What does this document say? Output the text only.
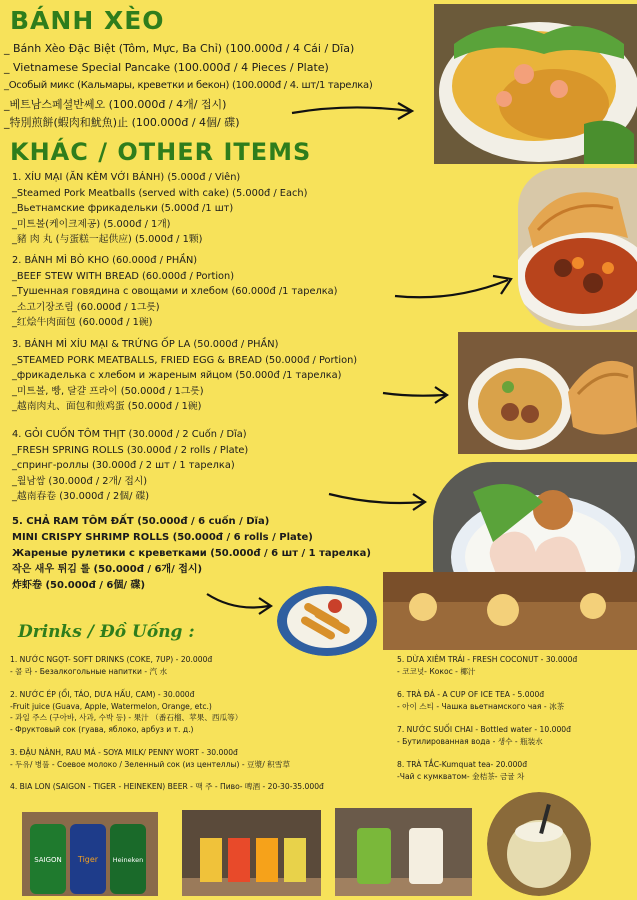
BÁNH XÈO
KHÁC / OTHER ITEMS
Drinks / Đồ Uống :
_ Bánh Xèo Đặc Biệt (Tôm, Mực, Ba Chỉ) (100.000đ / 4 Cái / Dĩa)
_ Vietnamese Special Pancake (100.000đ / 4 Pieces / Plate)
_Особый микс (Кальмары, креветки и бекон) (100.000đ / 4. шт/1 тарелка)
_베트남스페셜반쎄오 (100.000đ / 4개/ 접시)
_特別煎餅(蝦肉和魷魚)止 (100.000đ / 4個/ 碟)
1. XÍU MẠI (ĂN KÈM VỚI BÁNH) (5.000đ / Viên)
_Steamed Pork Meatballs (served with cake) (5.000đ / Each)
_Вьетнамские фрикадельки (5.000đ /1 шт)
_미트볼(케이크제공) (5.000đ / 1개)
_豬 肉 丸 (与蛋糕一起供应) (5.000đ / 1颗)
2. BÁNH MÌ BÒ KHO (60.000đ / PHẦN)
_BEEF STEW WITH BREAD (60.000đ / Portion)
_Тушенная говядина с овощами и хлебом (60.000đ /1 тарелка)
_소고기장조림 (60.000đ / 1그릇)
_红烩牛肉面包 (60.000đ / 1碗)
3. BÁNH MÌ XÍU MẠI & TRỨNG ỐP LA (50.000đ / PHẦN)
_STEAMED PORK MEATBALLS, FRIED EGG & BREAD (50.000đ / Portion)
_фрикаделька с хлебом и жареным яйцом (50.000đ /1 тарелка)
_미트볼, 빵, 달걀 프라이 (50.000đ / 1그릇)
_越南肉丸、面包和煎鸡蛋 (50.000đ / 1碗)
4. GỎI CUỐN TÔM THỊT (30.000đ / 2 Cuốn / Dĩa)
_FRESH SPRING ROLLS (30.000đ / 2 rolls / Plate)
_спринг-роллы (30.000đ / 2 шт / 1 тарелка)
_월남쌈 (30.000đ / 2개/ 접시)
_越南春卷 (30.000đ / 2個/ 碟)
5. CHẢ RAM TÔM ĐẤT (50.000đ / 6 cuốn / Dĩa)
MINI CRISPY SHRIMP ROLLS (50.000đ / 6 rolls / Plate)
Жареные рулетики с креветками (50.000đ / 6 шт / 1 тарелка)
작은 새우 튀김 롤 (50.000đ / 6개/ 접시)
炸虾卷 (50.000đ / 6個/ 碟)
1. NƯỚC NGỌT- SOFT DRINKS (COKE, 7UP) - 20.000đ
- 콜 라 - Безалкогольные напитки - 汽 水
2. NƯỚC ÉP (ỔI, TÁO, DƯA HẤU, CAM) - 30.000đ
-Fruit juice (Guava, Apple, Watermelon, Orange, etc.)
- 과일 주스 (구아바, 사과, 수박 등) - 果汁 （番石榴、苹果、西瓜等）
- Фруктовый сок (гуава, яблоко, арбуз и т. д.)
3. ĐẬU NÀNH, RAU MÁ - SOYA MILK/ PENNY WORT - 30.000đ
- 두유/ 병풀 - Соевое молоко / Зеленный сок (из центеллы) - 豆漿/ 积雪草
4. BIA LON (SAIGON - TIGER - HEINEKEN) BEER - 맥 주 - Пиво- 啤酒 - 20-30-35.000đ
5. DỪA XIÊM TRÁI - FRESH COCONUT - 30.000đ
- 코코넛- Кокос - 椰汁
6. TRÀ ĐÁ - A CUP OF ICE TEA - 5.000đ
- 아이 스티 - Чашка вьетнамского чая - 冰茶
7. NƯỚC SUỐI CHAI - Bottled water - 10.000đ
- Бутилированная вода - 생수 - 瓶装水
8. TRÀ TẮC-Kumquat tea- 20.000đ
-Чай с кумкватом- 金桔茶- 금귤 차
SAIGON Tiger Heineken
